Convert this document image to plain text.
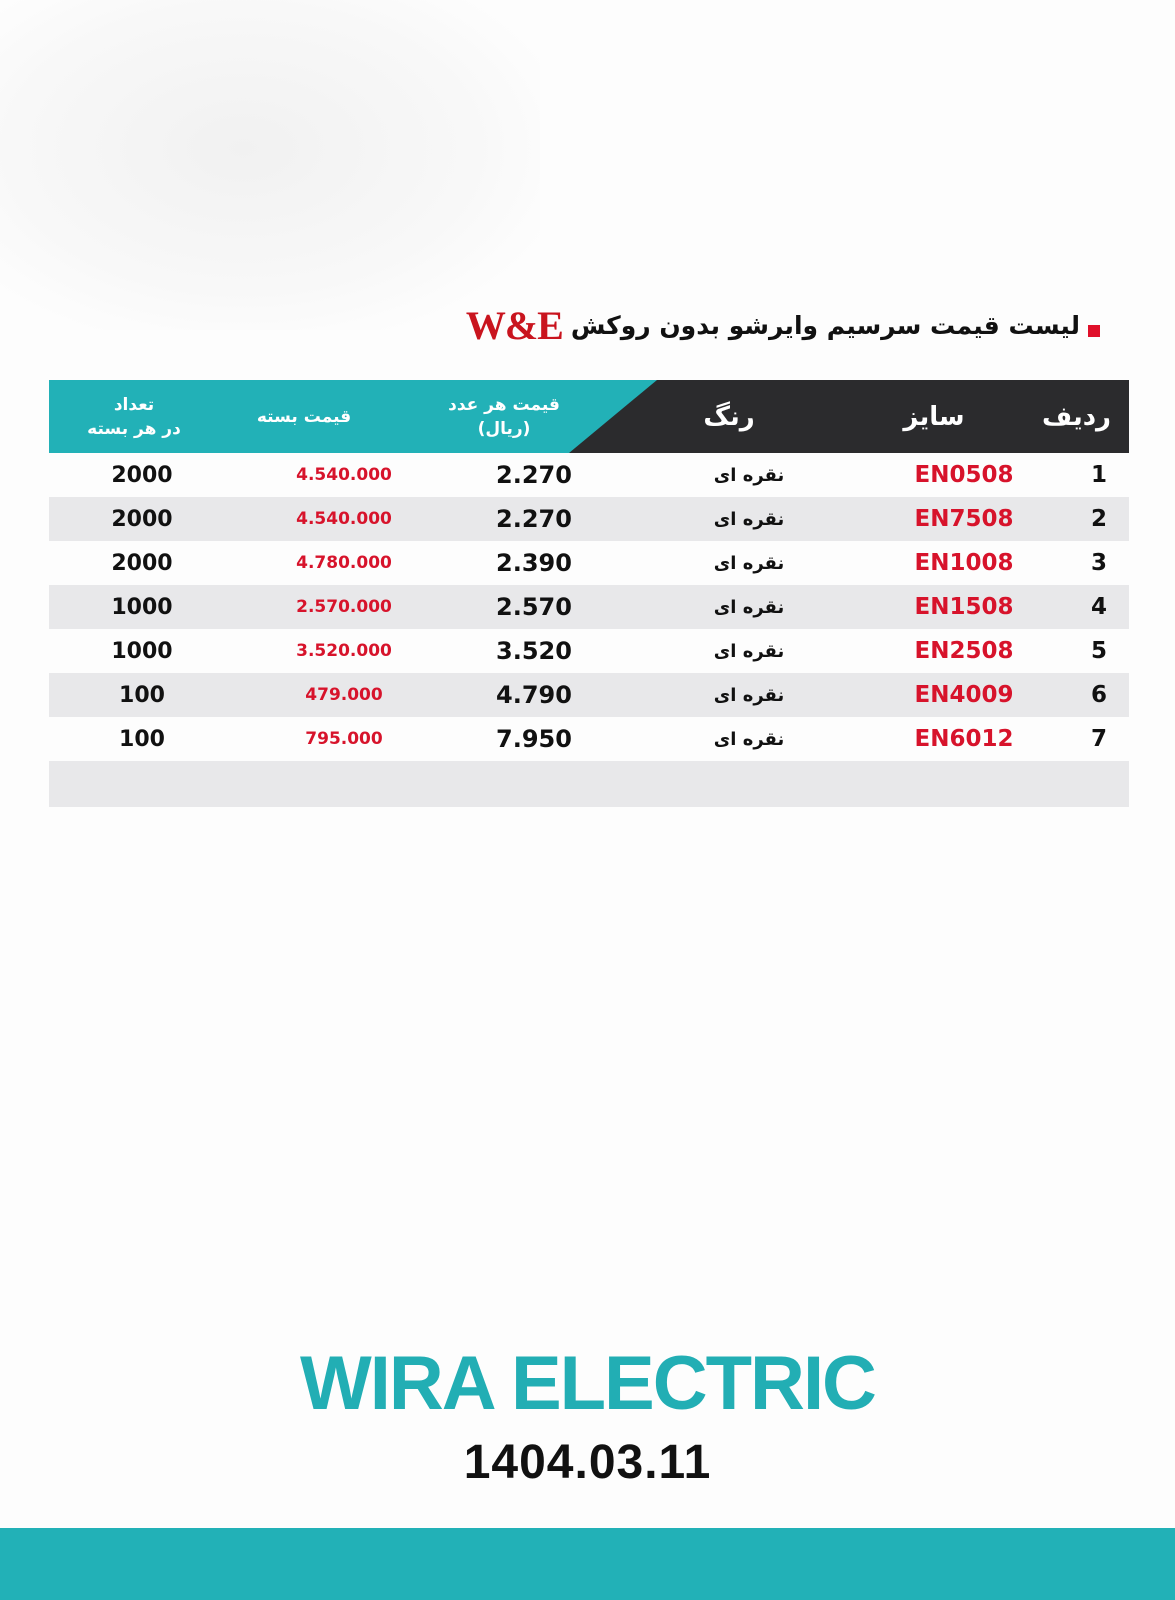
لیست قیمت سرسیم وایرشو بدون روکش
W&E
ردیف
سایز
رنگ
قیمت هر عدد
(ریال)
قیمت بسته
تعداد
در هر بسته
1
EN0508
نقره ای
2.270
4.540.000
2000
2
EN7508
نقره ای
2.270
4.540.000
2000
3
EN1008
نقره ای
2.390
4.780.000
2000
4
EN1508
نقره ای
2.570
2.570.000
1000
5
EN2508
نقره ای
3.520
3.520.000
1000
6
EN4009
نقره ای
4.790
479.000
100
7
EN6012
نقره ای
7.950
795.000
100
WIRA ELECTRIC
1404.03.11
